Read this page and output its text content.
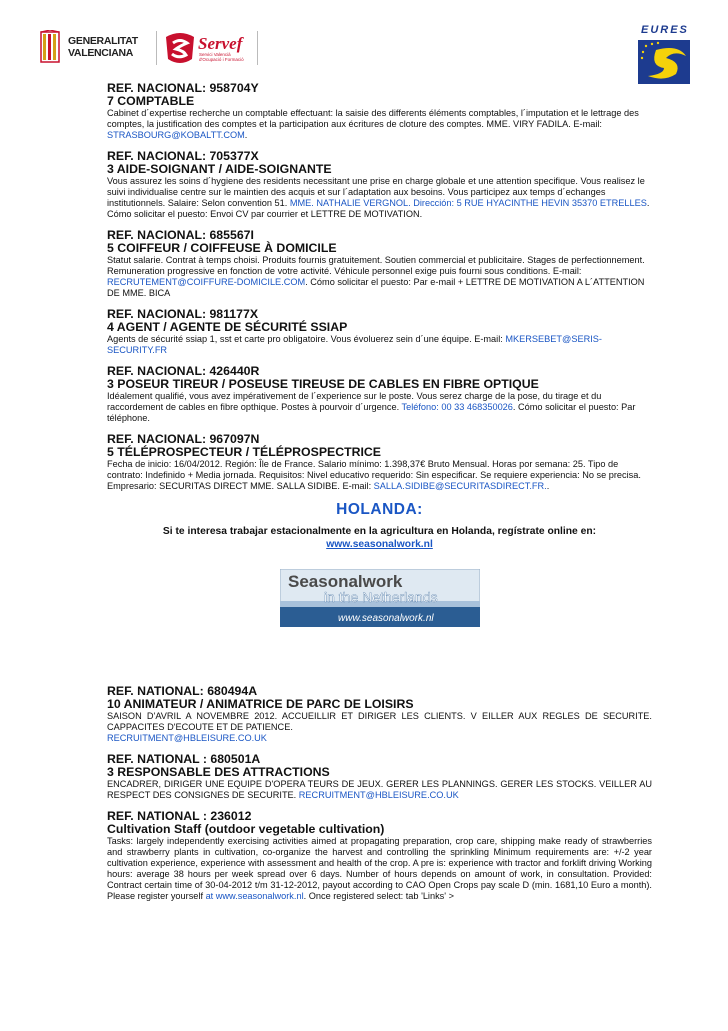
GENERALITAT
VALENCIANA	Servef
Servici Valencià d'Ocupació i Formació
EURES

REF. NACIONAL: 958704Y

7 COMPTABLE

Cabinet d´expertise recherche un comptable effectuant: la saisie des differents éléments comptables, l´imputation et le lettrage des comptes, la justification des comptes et la participation aux écritures de cloture des comptes. MME. VIRY FADILA. E-mail: STRASBOURG@KOBALTT.COM.

REF. NACIONAL: 705377X

3 AIDE-SOIGNANT / AIDE-SOIGNANTE

Vous assurez les soins d´hygiene des residents necessitant une prise en charge globale et une attention specifique. Vous realisez le suivi individualise centre sur le maintien des acquis et sur l´adaptation aux besoins. Vous participez aux temps d´echanges institutionnels. Salaire: Selon convention 51. MME. NATHALIE VERGNOL. Dirección: 5 RUE HYACINTHE HEVIN 35370 ETRELLES. Cómo solicitar el puesto: Envoi CV par courrier et LETTRE DE MOTIVATION.

REF. NACIONAL: 685567I

5 COIFFEUR / COIFFEUSE À DOMICILE

Statut salarie. Contrat à temps choisi. Produits fournis gratuitement. Soutien commercial et publicitaire. Stages de perfectionnement. Remuneration progressive en fonction de votre activité. Véhicule personnel exige puis fourni sous conditions. E-mail: RECRUTEMENT@COIFFURE-DOMICILE.COM. Cómo solicitar el puesto: Par e-mail + LETTRE DE MOTIVATION A L´ATTENTION DE MME. BICA

REF. NACIONAL: 981177X

4 AGENT / AGENTE DE SÉCURITÉ SSIAP

Agents de sécurité ssiap 1, sst et carte pro obligatoire. Vous évoluerez sein d´une équipe. E-mail: MKERSEBET@SERIS-SECURITY.FR

REF. NACIONAL: 426440R

3 POSEUR TIREUR / POSEUSE TIREUSE DE CABLES EN FIBRE OPTIQUE

Idéalement qualifié, vous avez impérativement de l´experience sur le poste. Vous serez charge de la pose, du tirage et du raccordement de cables en fibre opthique. Postes à pourvoir d´urgence. Teléfono: 00 33 468350026. Cómo solicitar el puesto: Par téléphone.

REF. NACIONAL: 967097N

5 TÉLÉPROSPECTEUR / TÉLÉPROSPECTRICE

Fecha de inicio: 16/04/2012. Región: Île de France. Salario mínimo: 1.398,37€ Bruto Mensual. Horas por semana: 25. Tipo de contrato: Indefinido + Media jornada. Requisitos: Nivel educativo requerido: Sin especificar. Se requiere experiencia: No se precisa. Empresario: SECURITAS DIRECT MME. SALLA SIDIBE. E-mail: SALLA.SIDIBE@SECURITASDIRECT.FR..

HOLANDA:

Si te interesa trabajar estacionalmente en la agricultura en Holanda, regístrate online en:
www.seasonalwork.nl

Seasonalwork
in the Netherlands
www.seasonalwork.nl

REF. NATIONAL: 680494A

10 ANIMATEUR / ANIMATRICE DE PARC DE LOISIRS

SAISON D'AVRIL A NOVEMBRE 2012. ACCUEILLIR ET DIRIGER LES CLIENTS. V EILLER AUX REGLES DE SECURITE. CAPPACITES D'ECOUTE ET DE PATIENCE.
RECRUITMENT@HBLEISURE.CO.UK

REF. NATIONAL : 680501A

3 RESPONSABLE DES ATTRACTIONS

ENCADRER, DIRIGER UNE EQUIPE D'OPERA TEURS DE JEUX. GERER LES PLANNINGS. GERER LES STOCKS. VEILLER AU RESPECT DES CONSIGNES DE SECURITE. RECRUITMENT@HBLEISURE.CO.UK

REF. NATIONAL : 236012

Cultivation Staff (outdoor vegetable cultivation)

Tasks: largely independently exercising activities aimed at propagating preparation, crop care, shipping make ready of strawberries and strawberry plants in cultivation, co-organize the harvest and controlling the sprinkling Minimum requirements are: +/-2 year cultivation experience, experience with assessment and health of the crop. A pre is: experience with tractor and forklift driving Working hours: average 38 hours per week spread over 6 days. Number of hours depends on amount of work, in consultation. Provided: Contract certain time of 30-04-2012 t/m 31-12-2012, payout according to CAO Open Crops pay scale D (min. 1681,10 Euro a month). Please register yourself at www.seasonalwork.nl. Once registered select: tab 'Links' >
